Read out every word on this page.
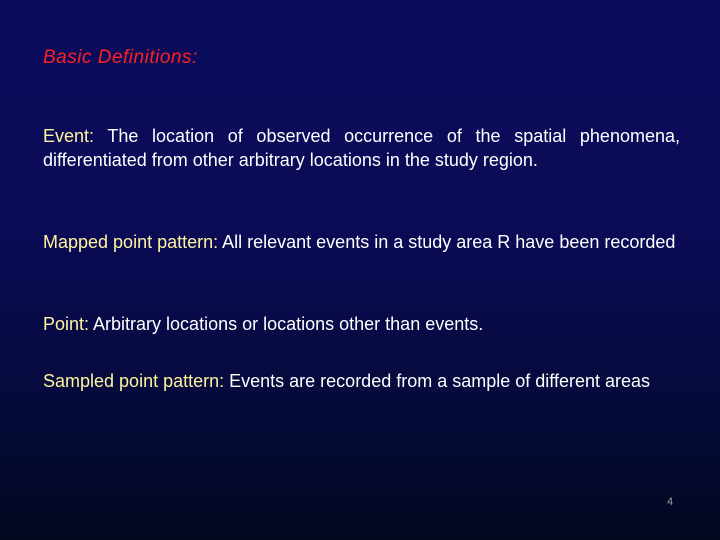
Basic Definitions:

Event: The location of observed occurrence of the spatial phenomena, differentiated from other arbitrary locations in the study region.

Mapped point pattern: All relevant events in a study area R have been recorded

Point: Arbitrary locations or locations other than events.

Sampled point pattern: Events are recorded from a sample of different areas

4
